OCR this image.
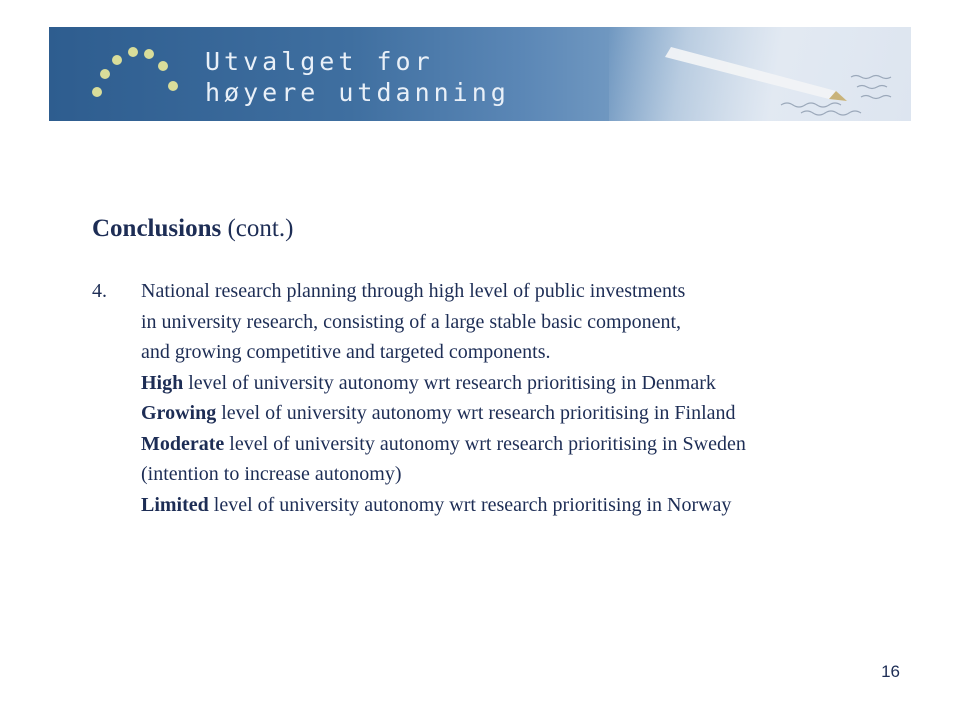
Utvalget for
høyere utdanning
Conclusions (cont.)
4. National research planning through high level of public investments
in university research, consisting of a large stable basic component,
and growing competitive and targeted components.
High level of university autonomy wrt research prioritising in Denmark
Growing level of university autonomy wrt research prioritising in Finland
Moderate level of university autonomy wrt research prioritising in Sweden
(intention to increase autonomy)
Limited level of university autonomy wrt research prioritising in Norway
16
